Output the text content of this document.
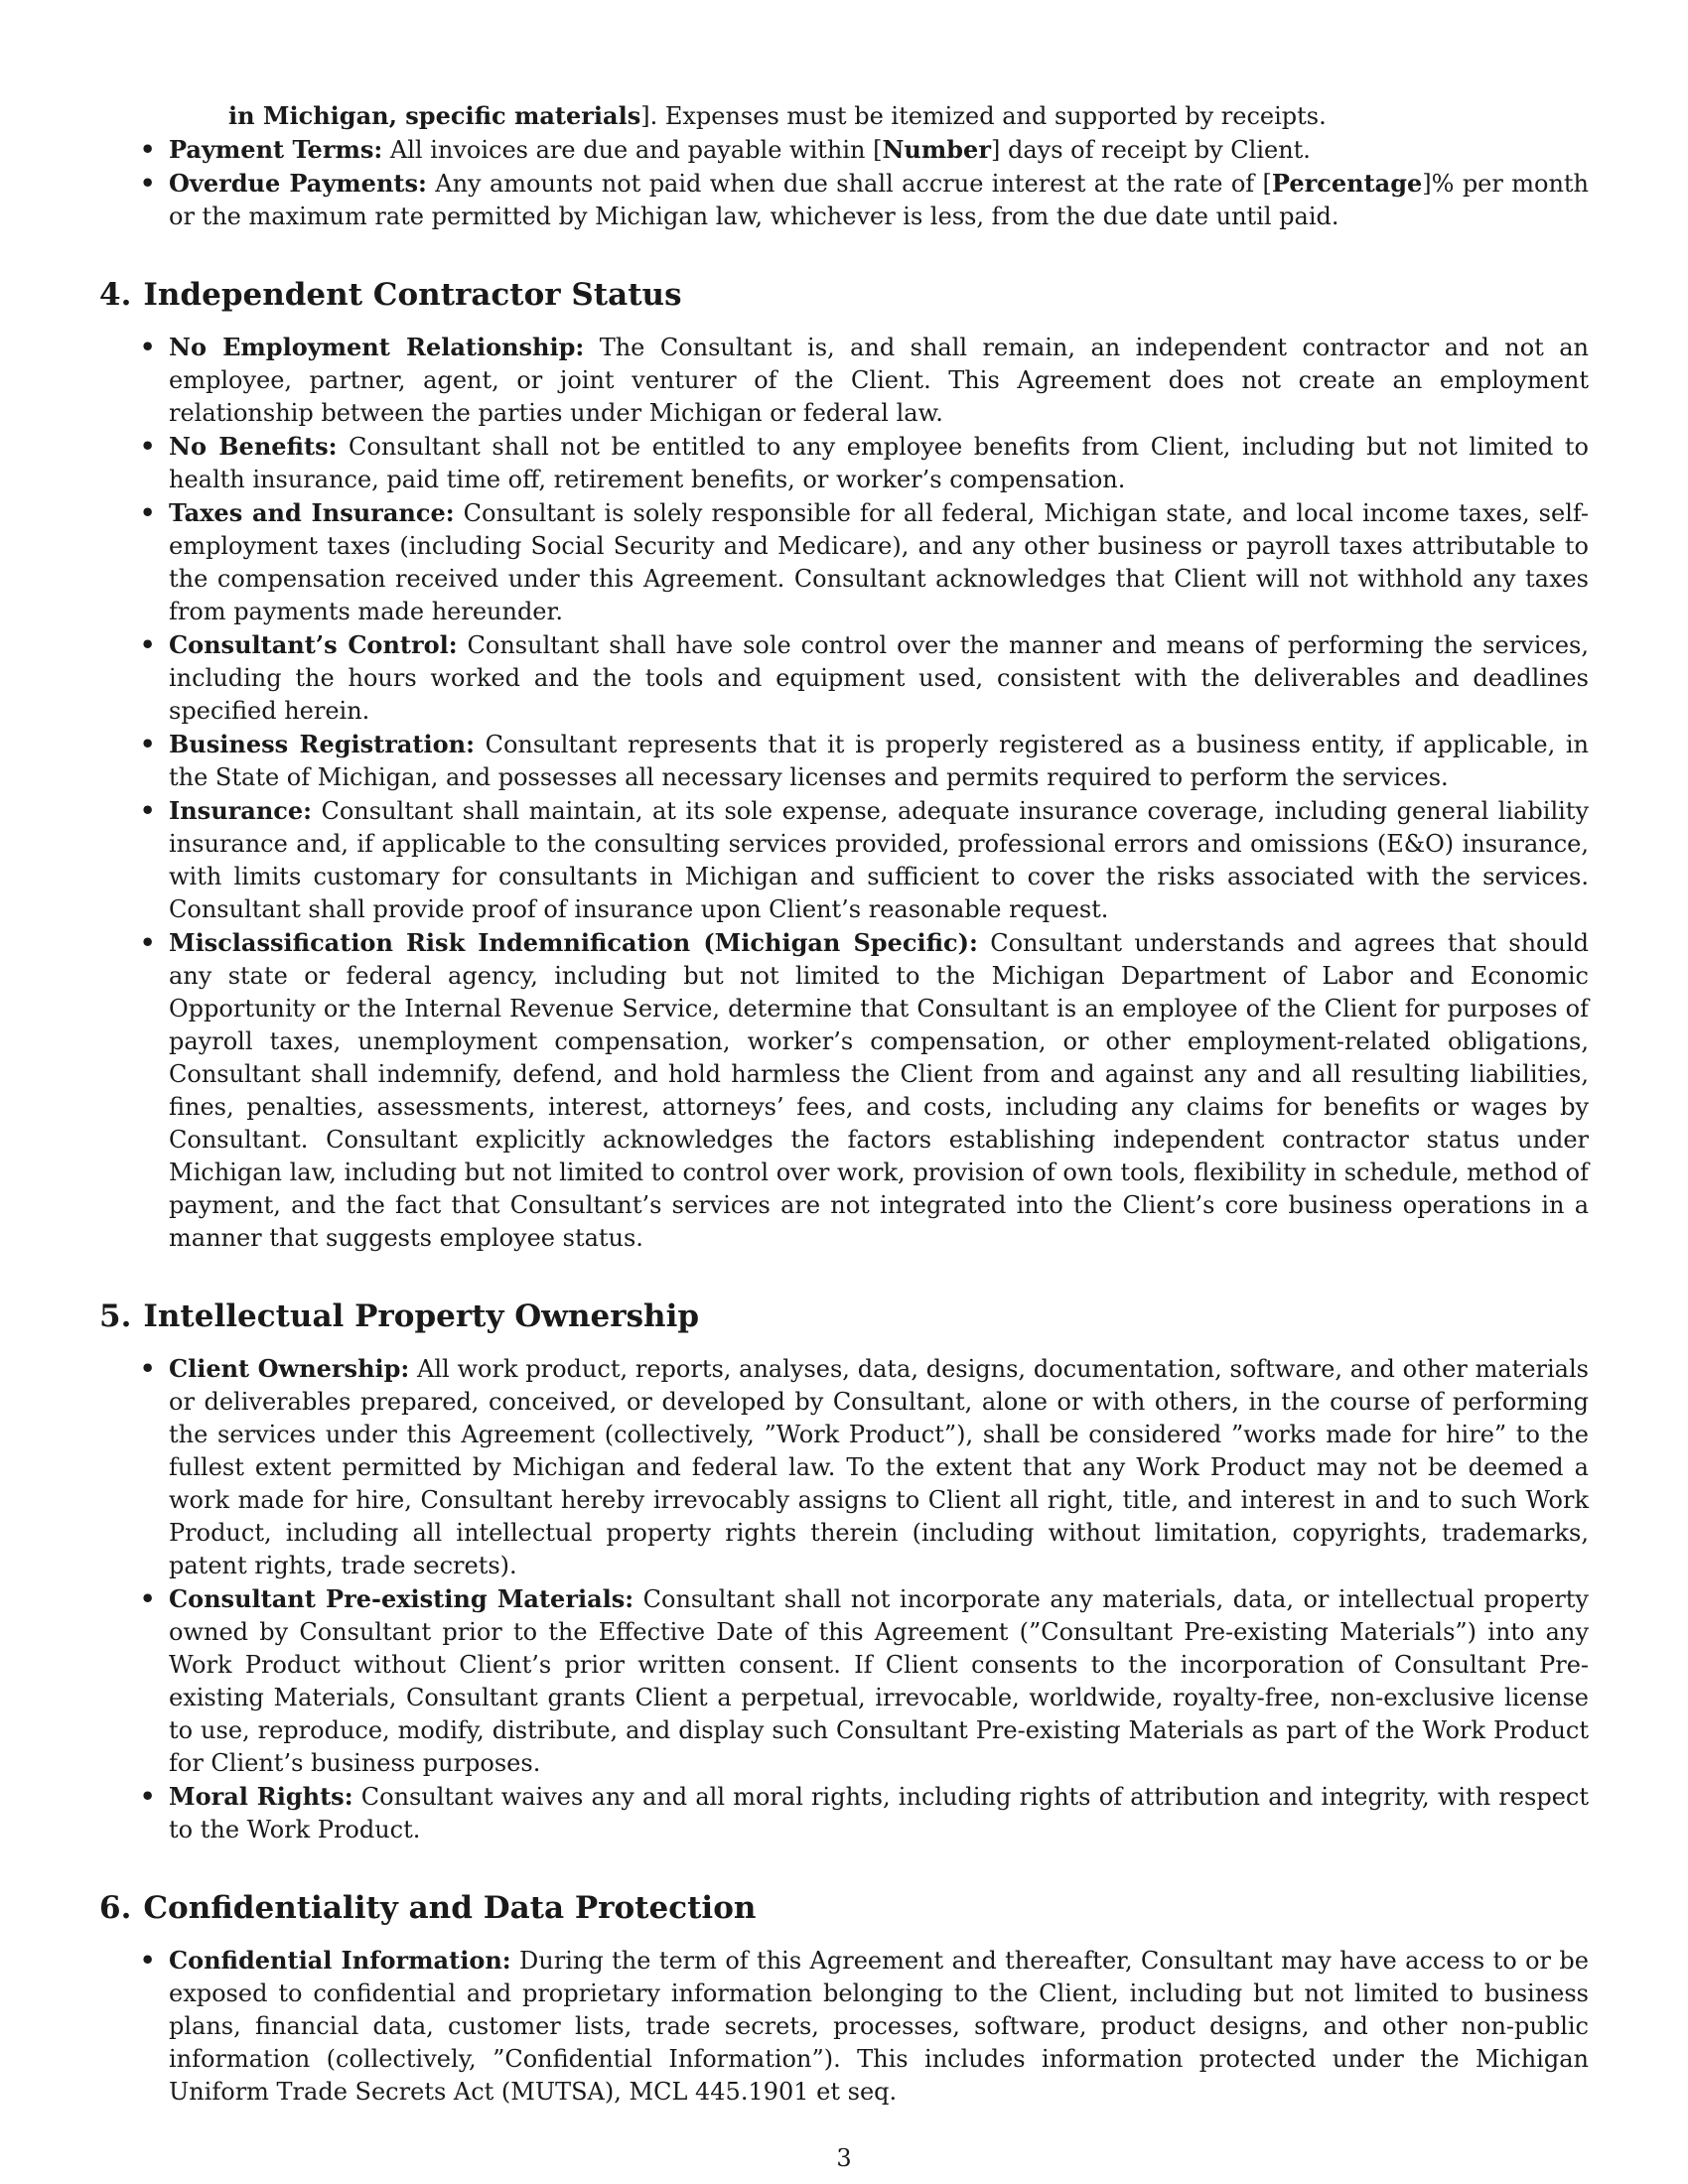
in Michigan, specific materials]. Expenses must be itemized and supported by receipts.
• Payment Terms: All invoices are due and payable within [Number] days of receipt by Client.
• Overdue Payments: Any amounts not paid when due shall accrue interest at the rate of [Percentage]% per month or the maximum rate permitted by Michigan law, whichever is less, from the due date until paid.
4. Independent Contractor Status
• No Employment Relationship: The Consultant is, and shall remain, an independent contractor and not an employee, partner, agent, or joint venturer of the Client. This Agreement does not create an employment relationship between the parties under Michigan or federal law.
• No Benefits: Consultant shall not be entitled to any employee benefits from Client, including but not limited to health insurance, paid time off, retirement benefits, or worker’s compensation.
• Taxes and Insurance: Consultant is solely responsible for all federal, Michigan state, and local income taxes, self-employment taxes (including Social Security and Medicare), and any other business or payroll taxes attributable to the compensation received under this Agreement. Consultant acknowledges that Client will not withhold any taxes from payments made hereunder.
• Consultant’s Control: Consultant shall have sole control over the manner and means of performing the services, including the hours worked and the tools and equipment used, consistent with the deliverables and deadlines specified herein.
• Business Registration: Consultant represents that it is properly registered as a business entity, if applicable, in the State of Michigan, and possesses all necessary licenses and permits required to perform the services.
• Insurance: Consultant shall maintain, at its sole expense, adequate insurance coverage, including general liability insurance and, if applicable to the consulting services provided, professional errors and omissions (E&O) insurance, with limits customary for consultants in Michigan and sufficient to cover the risks associated with the services. Consultant shall provide proof of insurance upon Client’s reasonable request.
• Misclassification Risk Indemnification (Michigan Specific): Consultant understands and agrees that should any state or federal agency, including but not limited to the Michigan Department of Labor and Economic Opportunity or the Internal Revenue Service, determine that Consultant is an employee of the Client for purposes of payroll taxes, unemployment compensation, worker’s compensation, or other employment-related obligations, Consultant shall indemnify, defend, and hold harmless the Client from and against any and all resulting liabilities, fines, penalties, assessments, interest, attorneys’ fees, and costs, including any claims for benefits or wages by Consultant. Consultant explicitly acknowledges the factors establishing independent contractor status under Michigan law, including but not limited to control over work, provision of own tools, flexibility in schedule, method of payment, and the fact that Consultant’s services are not integrated into the Client’s core business operations in a manner that suggests employee status.
5. Intellectual Property Ownership
• Client Ownership: All work product, reports, analyses, data, designs, documentation, software, and other materials or deliverables prepared, conceived, or developed by Consultant, alone or with others, in the course of performing the services under this Agreement (collectively, ”Work Product”), shall be considered ”works made for hire” to the fullest extent permitted by Michigan and federal law. To the extent that any Work Product may not be deemed a work made for hire, Consultant hereby irrevocably assigns to Client all right, title, and interest in and to such Work Product, including all intellectual property rights therein (including without limitation, copyrights, trademarks, patent rights, trade secrets).
• Consultant Pre-existing Materials: Consultant shall not incorporate any materials, data, or intellectual property owned by Consultant prior to the Effective Date of this Agreement (”Consultant Pre-existing Materials”) into any Work Product without Client’s prior written consent. If Client consents to the incorporation of Consultant Pre-existing Materials, Consultant grants Client a perpetual, irrevocable, worldwide, royalty-free, non-exclusive license to use, reproduce, modify, distribute, and display such Consultant Pre-existing Materials as part of the Work Product for Client’s business purposes.
• Moral Rights: Consultant waives any and all moral rights, including rights of attribution and integrity, with respect to the Work Product.
6. Confidentiality and Data Protection
• Confidential Information: During the term of this Agreement and thereafter, Consultant may have access to or be exposed to confidential and proprietary information belonging to the Client, including but not limited to business plans, financial data, customer lists, trade secrets, processes, software, product designs, and other non-public information (collectively, ”Confidential Information”). This includes information protected under the Michigan Uniform Trade Secrets Act (MUTSA), MCL 445.1901 et seq.
3
